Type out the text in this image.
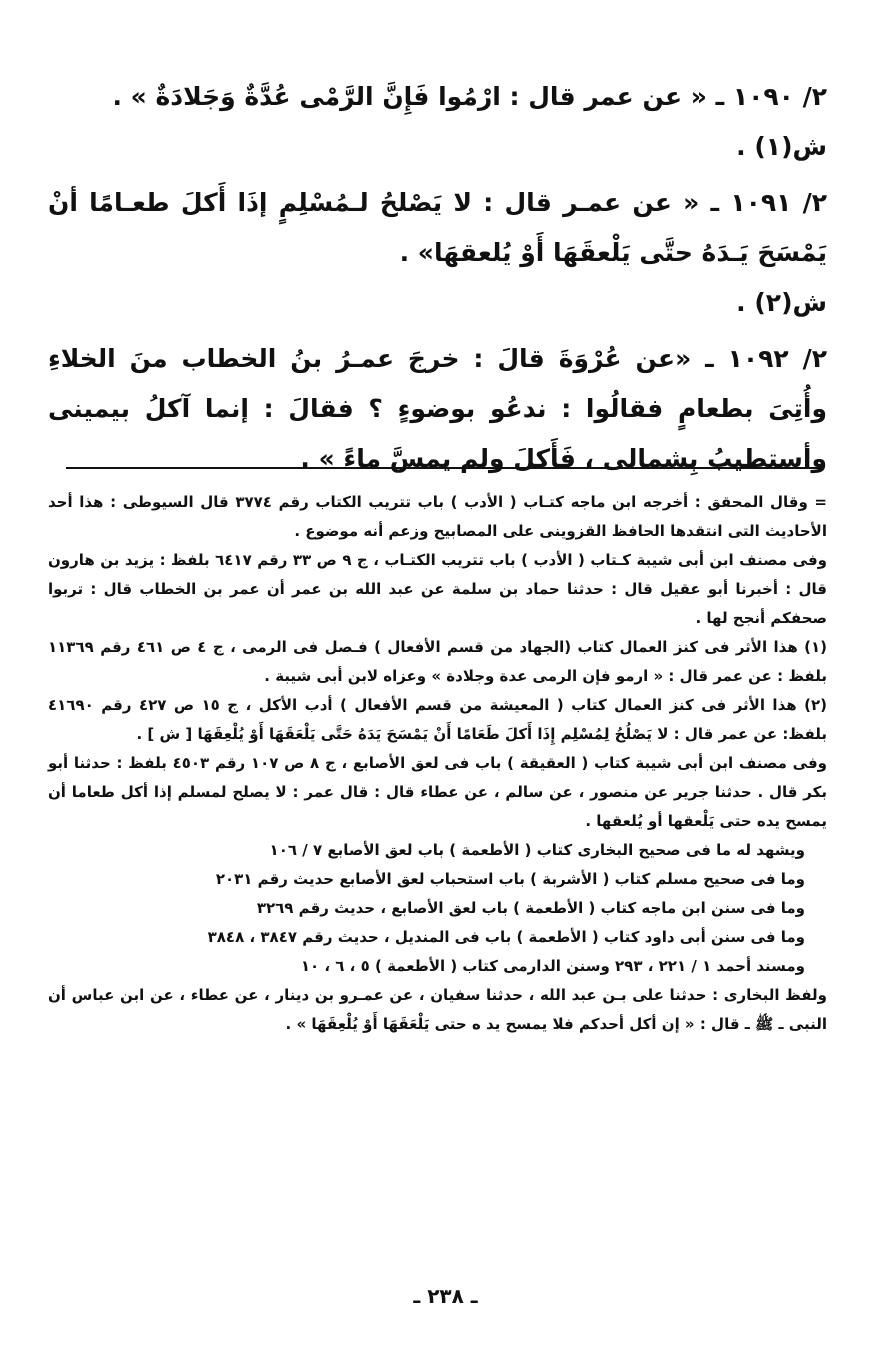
٢/ ١٠٩٠ ـ « عن عمر قال : ارْمُوا فَإِنَّ الرَّمْى عُدَّةٌ وَجَلادَةٌ » .

ش(١) .

٢/ ١٠٩١ ـ « عن عمـر قال : لا يَصْلحُ لـمُسْلِمٍ إذَا أَكلَ طعـامًا أنْ يَمْسَحَ يَـدَهُ حتَّى يَلْعقَهَا أَوْ يُلعقهَا» .

ش(٢) .

٢/ ١٠٩٢ ـ «عن عُرْوَةَ قالَ : خرجَ عمـرُ بنُ الخطاب منَ الخلاءِ وأُتِىَ بطعامٍ فقالُوا : ندعُو بوضوءٍ ؟ فقالَ : إنما آكلُ بيمينى وأستطيبُ بِشمالى ، فَأَكلَ ولم يمسَّ ماءً » .

= وقال المحقق : أخرجه ابن ماجه كتـاب ( الأدب ) باب تتريب الكتاب رقم ٣٧٧٤ قال السيوطى : هذا أحد الأحاديث التى انتقدها الحافظ القزوينى على المصابيح وزعم أنه موضوع .

وفى مصنف ابن أبى شيبة كـتاب ( الأدب ) باب تتريب الكتـاب ، ج ٩ ص ٣٣ رقم ٦٤١٧ بلفظ : يزيد بن هارون قال : أخبرنا أبو عقيل قال : حدثنا حماد بن سلمة عن عبد الله بن عمر أن عمر بن الخطاب قال : تربوا صحفكم أنجح لها .

(١) هذا الأثر فى كنز العمال كتاب (الجهاد من قسم الأفعال ) فـصل فى الرمى ، ج ٤ ص ٤٦١ رقم ١١٣٦٩ بلفظ : عن عمر قال : « ارمو فإن الرمى عدة وجلادة » وعزاه لابن أبى شيبة .

(٢) هذا الأثر فى كنز العمال كتاب ( المعيشة من قسم الأفعال ) أدب الأكل ، ج ١٥ ص ٤٢٧ رقم ٤١٦٩٠ بلفظ: عن عمر قال : لا يَصْلُحُ لِمُسْلِم إِذَا أَكلَ طَعَامًا أَنْ يَمْسَحَ يَدَهُ حَتَّى يَلْعَقَهَا أَوْ يُلْعِقَهَا [ ش ] .

وفى مصنف ابن أبى شيبة كتاب ( العقيقة ) باب فى لعق الأصابع ، ج ٨ ص ١٠٧ رقم ٤٥٠٣ بلفظ : حدثنا أبو بكر قال . حدثنا جرير عن منصور ، عن سالم ، عن عطاء قال : قال عمر : لا يصلح لمسلم إذا أكل طعاما أن يمسح يده حتى يَلْعقها أو يُلعقها .

ويشهد له ما فى صحيح البخارى كتاب ( الأطعمة ) باب لعق الأصابع ٧ / ١٠٦

وما فى صحيح مسلم كتاب ( الأشربة ) باب استحباب لعق الأصابع حديث رقم ٢٠٣١

وما فى سنن ابن ماجه كتاب ( الأطعمة ) باب لعق الأصابع ، حديث رقم ٣٢٦٩

وما فى سنن أبى داود كتاب ( الأطعمة ) باب فى المنديل ، حديث رقم ٣٨٤٧ ، ٣٨٤٨

ومسند أحمد ١ / ٢٢١ ، ٢٩٣ وسنن الدارمى كتاب ( الأطعمة ) ٥ ، ٦ ، ١٠

ولفظ البخارى : حدثنا على بـن عبد الله ، حدثنا سفيان ، عن عمـرو بن دينار ، عن عطاء ، عن ابن عباس أن النبى ـ ﷺ ـ قال : « إن أكل أحدكم فلا يمسح يد ه حتى يَلْعَقَهَا أَوْ يُلْعِقَهَا » .

ـ ٢٣٨ ـ
